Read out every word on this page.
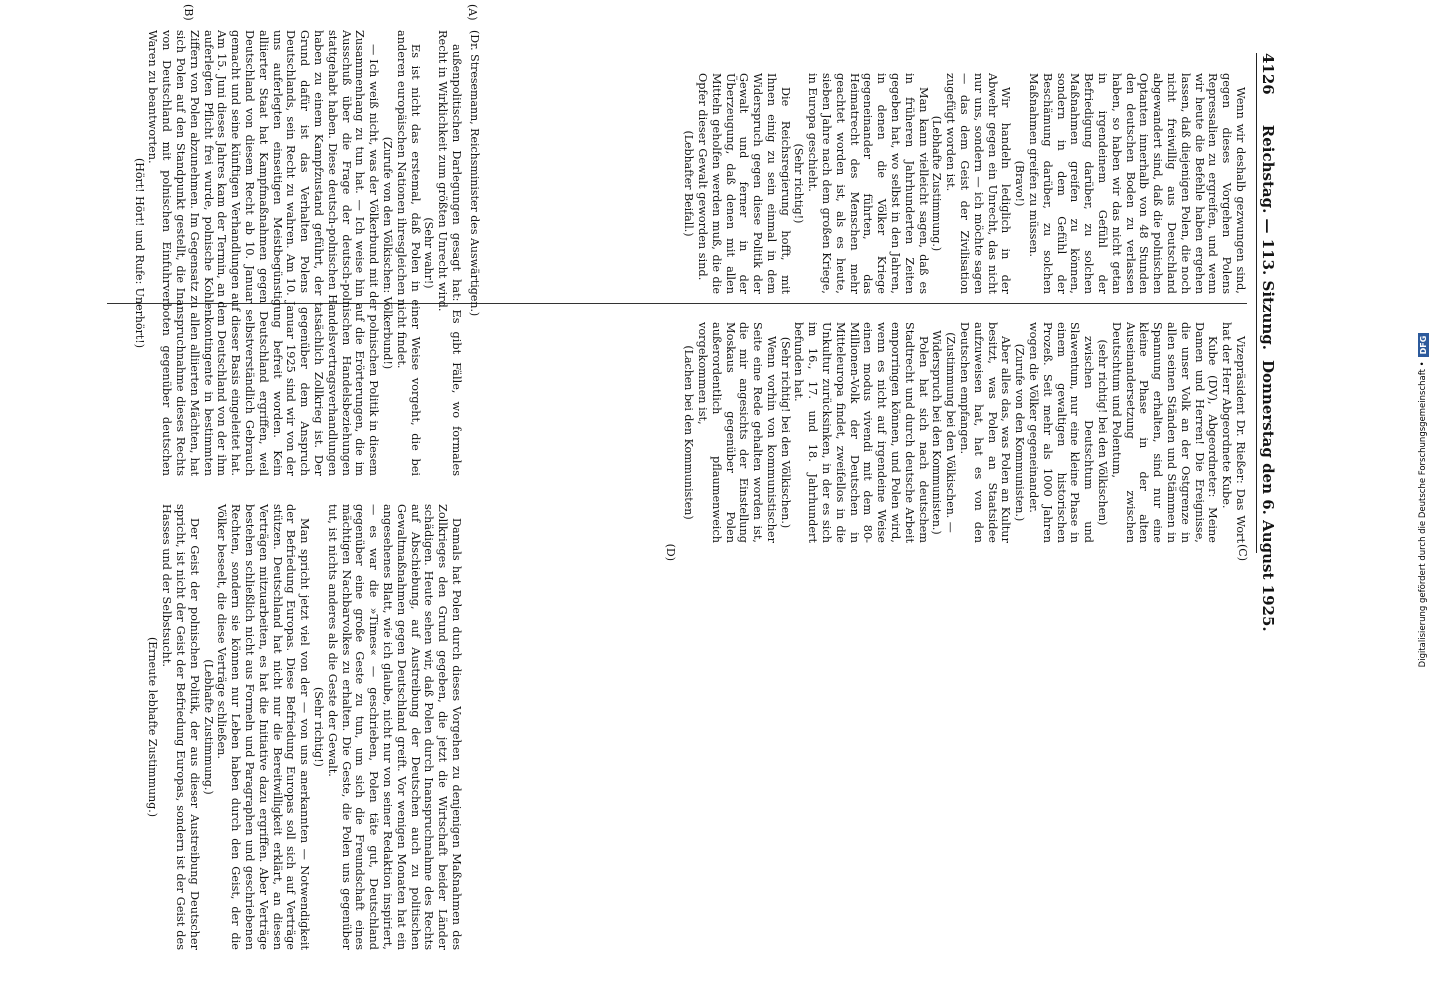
4126
Reichstag. — 113. Sitzung.
Donnerstag den 6. August 1925.
(C)
(D)

Wenn wir deshalb gezwungen sind, gegen dieses Vorgehen Polens Repressalien zu ergreifen, und wenn wir heute die Befehle haben ergehen lassen, daß diejenigen Polen, die noch nicht freiwillig aus Deutschland abgewandert sind, daß die polnischen Optanten innerhalb von 48 Stunden den deutschen Boden zu verlassen haben, so haben wir das nicht getan in irgendeinem Gefühl der Befriedigung darüber, zu solchen Maßnahmen greifen zu können, sondern in dem Gefühl der Beschämung darüber, zu solchen Maßnahmen greifen zu müssen.

(Bravo!)

Wir handeln lediglich in der Abwehr gegen ein Unrecht, das nicht nur uns, sondern — ich möchte sagen — das dem Geist der Zivilisation zugefügt worden ist.

(Lebhafte Zustimmung.)

Man kann vielleicht sagen, daß es in früheren Jahrhunderten Zeiten gegeben hat, wo selbst in den Jahren, in denen die Völker Kriege gegeneinander führten, das Heimatrecht des Menschen mehr geachtet worden ist, als es heute, sieben Jahre nach dem großen Kriege, in Europa geschieht.

(Sehr richtig!)

Die Reichsregierung hofft, mit Ihnen einig zu sein einmal in dem Widerspruch gegen diese Politik der Gewalt und ferner in der Überzeugung, daß denen mit allen Mitteln geholfen werden muß, die die Opfer dieser Gewalt geworden sind.

(Lebhafter Beifall.)

Vizepräsident Dr. Rießer: Das Wort hat der Herr Abgeordnete Kube.

Kube (DV), Abgeordneter: Meine Damen und Herren! Die Ereignisse, die unser Volk an der Ostgrenze in allen seinen Ständen und Stämmen in Spannung erhalten, sind nur eine kleine Phase in der alten Auseinandersetzung zwischen Deutschtum und Polentum,

(sehr richtig! bei den Völkischen)

zwischen Deutschtum und Slawentum, nur eine kleine Phase in einem gewaltigen historischen Prozeß. Seit mehr als 1000 Jahren wogen die Völker gegeneinander.

(Zurufe von den Kommunisten.)

Aber alles das, was Polen an Kultur besitzt, was Polen an Staatsidee aufzuweisen hat, hat es von den Deutschen empfangen.

(Zustimmung bei den Völkischen. — Widerspruch bei den Kommunisten.)

Polen hat sich nach deutschem Stadtrecht und durch deutsche Arbeit emporringen können, und Polen wird, wenn es nicht auf irgendeine Weise einen modus vivendi mit dem 80-Millionen-Volk der Deutschen in Mitteleuropa findet, zweifellos in die Unkultur zurücksinken, in der es sich im 16., 17. und 18. Jahrhundert befunden hat.

(Sehr richtig! bei den Völkischen.)

Wenn vorhin von kommunistischer Seite eine Rede gehalten worden ist, die mir angesichts der Einstellung Moskaus gegenüber Polen außerordentlich pflaumenweich vorgekommen ist,

(Lachen bei den Kommunisten)

(A)
(B)

(Dr. Stresemann, Reichsminister des Auswärtigen.)

außenpolitischen Darlegungen gesagt hat: Es gibt Fälle, wo formales Recht in Wirklichkeit zum größten Unrecht wird.

(Sehr wahr!)

Es ist nicht das erstemal, daß Polen in einer Weise vorgeht, die bei anderen europäischen Nationen ihresgleichen nicht findet.

(Zurufe von den Völkischen: Völkerbund!)

— Ich weiß nicht, was der Völkerbund mit der polnischen Politik in diesem Zusammenhang zu tun hat. — Ich weise hin auf die Erörterungen, die im Ausschuß über die Frage der deutsch-polnischen Handelsbeziehungen stattgehabt haben. Diese deutsch-polnischen Handelsvertragsverhandlungen haben zu einem Kampfzustand geführt, der tatsächlich Zollkrieg ist. Der Grund dafür ist das Verhalten Polens gegenüber dem Anspruch Deutschlands, sein Recht zu wahren. Am 10. Januar 1925 sind wir von der uns auferlegten einseitigen Meistbegünstigung befreit worden. Kein alliierter Staat hat Kampfmaßnahmen gegen Deutschland ergriffen, weil Deutschland von diesem Recht ab 10. Januar selbstverständlich Gebrauch gemacht und seine künftigen Verhandlungen auf dieser Basis eingeleitet hat. Am 15. Juni dieses Jahres kam der Termin, an dem Deutschland von der ihm auferlegten Pflicht frei wurde, polnische Kohlenkontingente in bestimmten Ziffern von Polen abzunehmen. Im Gegensatz zu allen alliierten Mächten, hat sich Polen auf den Standpunkt gestellt, die Inanspruchnahme dieses Rechts von Deutschland mit polnischen Einfuhrverboten gegenüber deutschen Waren zu beantworten.

(Hört! Hört! und Rufe: Unerhört!)

Damals hat Polen durch dieses Vorgehen zu denjenigen Maßnahmen des Zollkrieges den Grund gegeben, die jetzt die Wirtschaft beider Länder schädigen. Heute sehen wir, daß Polen durch Inanspruchnahme des Rechts auf Abschiebung, auf Austreibung der Deutschen auch zu politischen Gewaltmaßnahmen gegen Deutschland greift. Vor wenigen Monaten hat ein angesehenes Blatt, wie ich glaube, nicht nur von seiner Redaktion inspiriert, — es war die »Times« — geschrieben, Polen täte gut, Deutschland gegenüber eine große Geste zu tun, um sich die Freundschaft eines mächtigen Nachbarvolkes zu erhalten. Die Geste, die Polen uns gegenüber tut, ist nichts anderes als die Geste der Gewalt.

(Sehr richtig!)

Man spricht jetzt viel von der — von uns anerkannten — Notwendigkeit der Befriedung Europas. Diese Befriedung Europas soll sich auf Verträge stützen. Deutschland hat nicht nur die Bereitwilligkeit erklärt, an diesen Verträgen mitzuarbeiten, es hat die Initiative dazu ergriffen. Aber Verträge bestehen schließlich nicht aus Formeln und Paragraphen und geschriebenen Rechten, sondern sie können nur Leben haben durch den Geist, der die Völker beseelt, die diese Verträge schließen.

(Lebhafte Zustimmung.)

Der Geist der polnischen Politik, der aus dieser Austreibung Deutscher spricht, ist nicht der Geist der Befriedung Europas, sondern ist der Geist des Hasses und der Selbstsucht.

(Erneute lebhafte Zustimmung.)

Digitalisierung gefördert durch die Deutsche Forschungsgemeinschaft •
DFG
